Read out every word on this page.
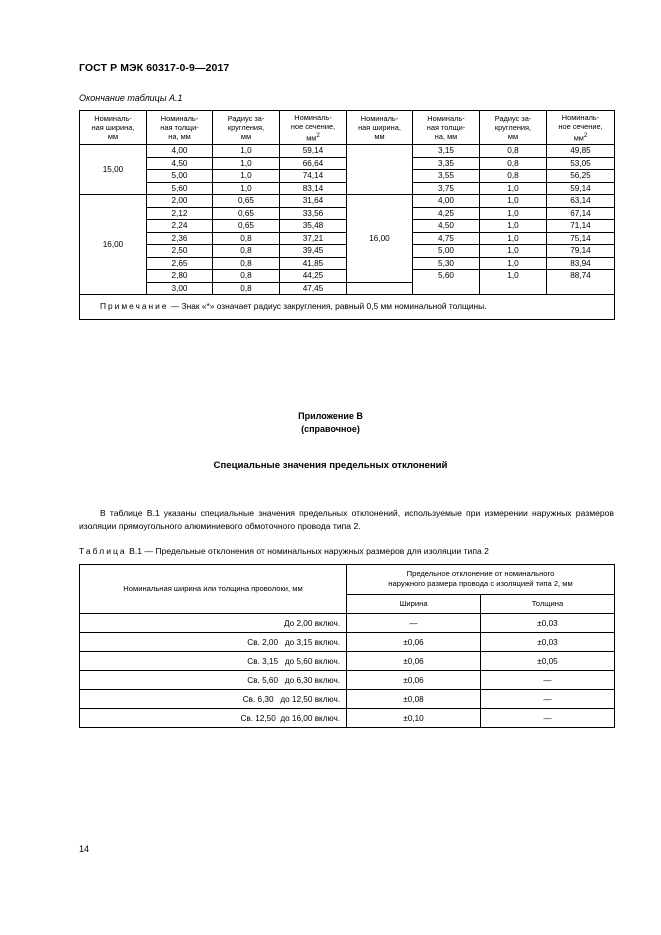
ГОСТ Р МЭК 60317-0-9—2017
Окончание таблицы А.1
Номиналь-
ная ширина,
мм	Номиналь-
ная толщи-
на, мм	Радиус за-
кругления,
мм	Номиналь-
ное сечение,
$мм^2$	Номиналь-
ная ширина,
мм	Номиналь-
ная толщи-
на, мм	Радиус за-
кругления,
мм	Номиналь-
ное сечение,
$мм^2$
15,00	4,00	1,0	59,14		3,15	0,8	49,85
	4,50	1,0	66,64		3,35	0,8	53,05
	5,00	1,0	74,14		3,55	0,8	56,25
	5,60	1,0	83,14		3,75	1,0	59,14
16,00	2,00	0,65	31,64	16,00	4,00	1,0	63,14
	2,12	0,65	33,56		4,25	1,0	67,14
	2,24	0,65	35,48		4,50	1,0	71,14
	2,36	0,8	37,21		4,75	1,0	75,14
	2,50	0,8	39,45		5,00	1,0	79,14
	2,65	0,8	41,85		5,30	1,0	83,94
	2,80	0,8	44,25		5,60	1,0	88,74
	3,00	0,8	47,45				
Примечание — Знак «*» означает радиус закругления, равный 0,5 мм номинальной толщины.							
Приложение В
(справочное)
Специальные значения предельных отклонений
В таблице В.1 указаны специальные значения предельных отклонений, используемые при измерении наружных размеров изоляции прямоугольного алюминиевого обмоточного провода типа 2.
Таблица В.1 — Предельные отклонения от номинальных наружных размеров для изоляции типа 2
Номинальная ширина или толщина проволоки, мм	Предельное отклонение от номинального
наружного размера провода с изоляцией типа 2, мм	
	Ширина	Толщина
До 2,00 включ.	—	±0,03
Св. 2,00   до 3,15 включ.	±0,06	±0,03
Св. 3,15   до 5,60 включ.	±0,06	±0,05
Св. 5,60   до 6,30 включ.	±0,06	—
Св. 6,30   до 12,50 включ.	±0,08	—
Св. 12,50  до 16,00 включ.	±0,10	—
14
